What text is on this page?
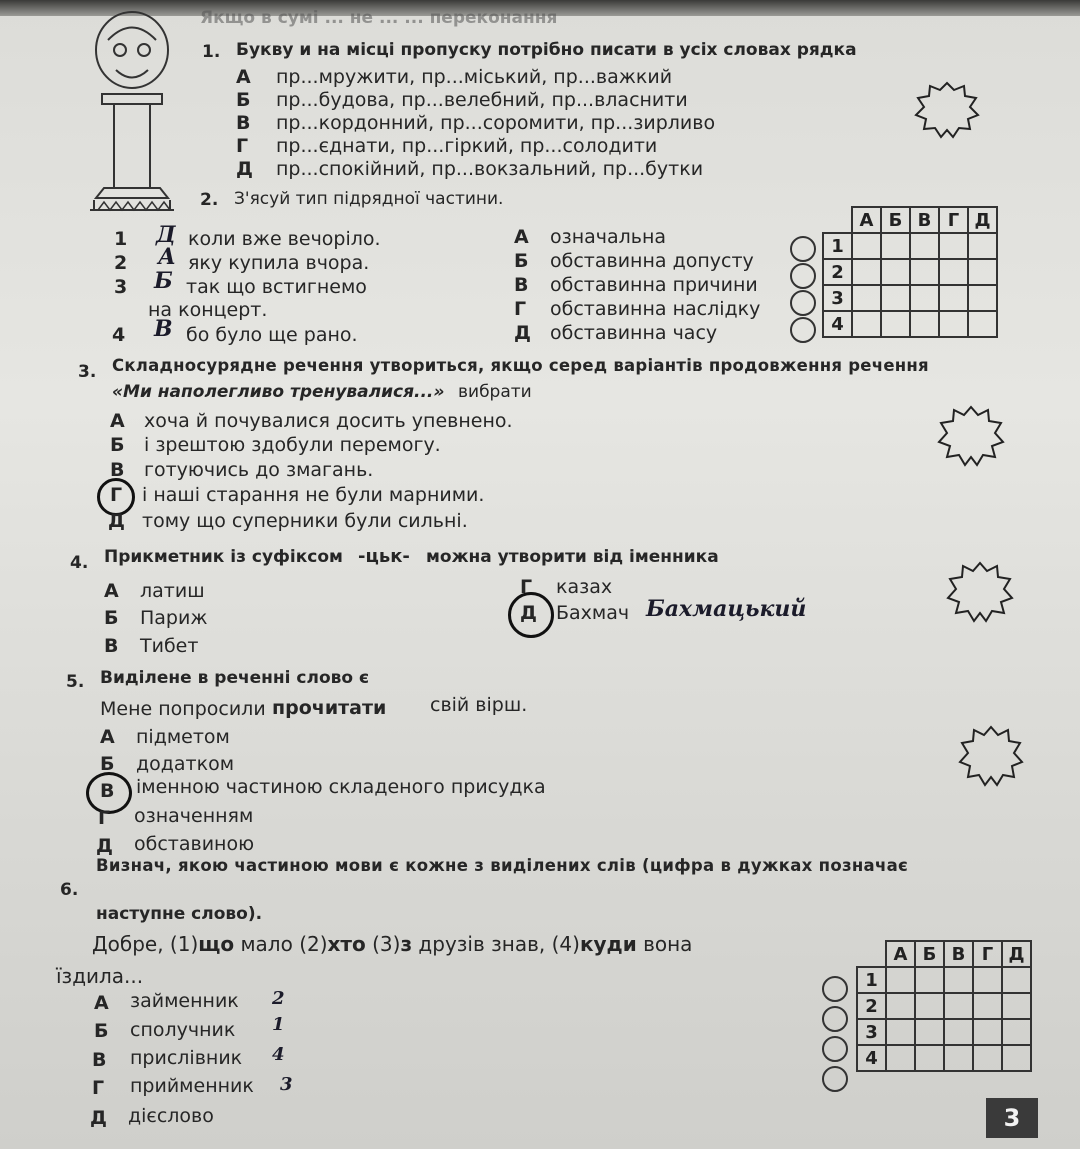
Якщо в сумі ... не ... ... переконання
1. Букву и на місці пропуску потрібно писати в усіх словах рядка
А пр...мружити, пр...міський, пр...важкий
Б пр...будова, пр...велебний, пр...власнити
В пр...кордонний, пр...соромити, пр...зирливо
Г пр...єднати, пр...гіркий, пр...солодити
Д пр...спокійний, пр...вокзальний, пр...бутки
2. З'ясуй тип підрядної частини.
1 Д коли вже вечоріло.
2 А яку купила вчора.
3 Б так що встигнемо
на концерт.
4 В бо було ще рано.
А означальна
Б обставинна допусту
В обставинна причини
Г обставинна наслідку
Д обставинна часу
	А	Б	В	Г	Д
1					
2					
3					
4					
3. Складносурядне речення утвориться, якщо серед варіантів продовження речення
«Ми наполегливо тренувалися...» вибрати
А хоча й почувалися досить упевнено.
Б і зрештою здобули перемогу.
В готуючись до змагань.
Г і наші старання не були марними.
Д тому що суперники були сильні.
4. Прикметник із суфіксом -цьк- можна утворити від іменника
А латиш
Б Париж
В Тибет
Г казах
Д Бахмач Бахмацький
5. Виділене в реченні слово є
Мене попросили прочитати свій вірш.
А підметом
Б додатком
В іменною частиною складеного присудка
Г означенням
Д обставиною
6.
Визнач, якою частиною мови є кожне з виділених слів (цифра в дужках позначає
наступне слово).
Добре, (1)що мало (2)хто (3)з друзів знав, (4)куди вона
їздила...
А займенник 2
Б сполучник 1
В прислівник 4
Г прийменник 3
Д дієслово
	А	Б	В	Г	Д
1					
2					
3					
4					
3
